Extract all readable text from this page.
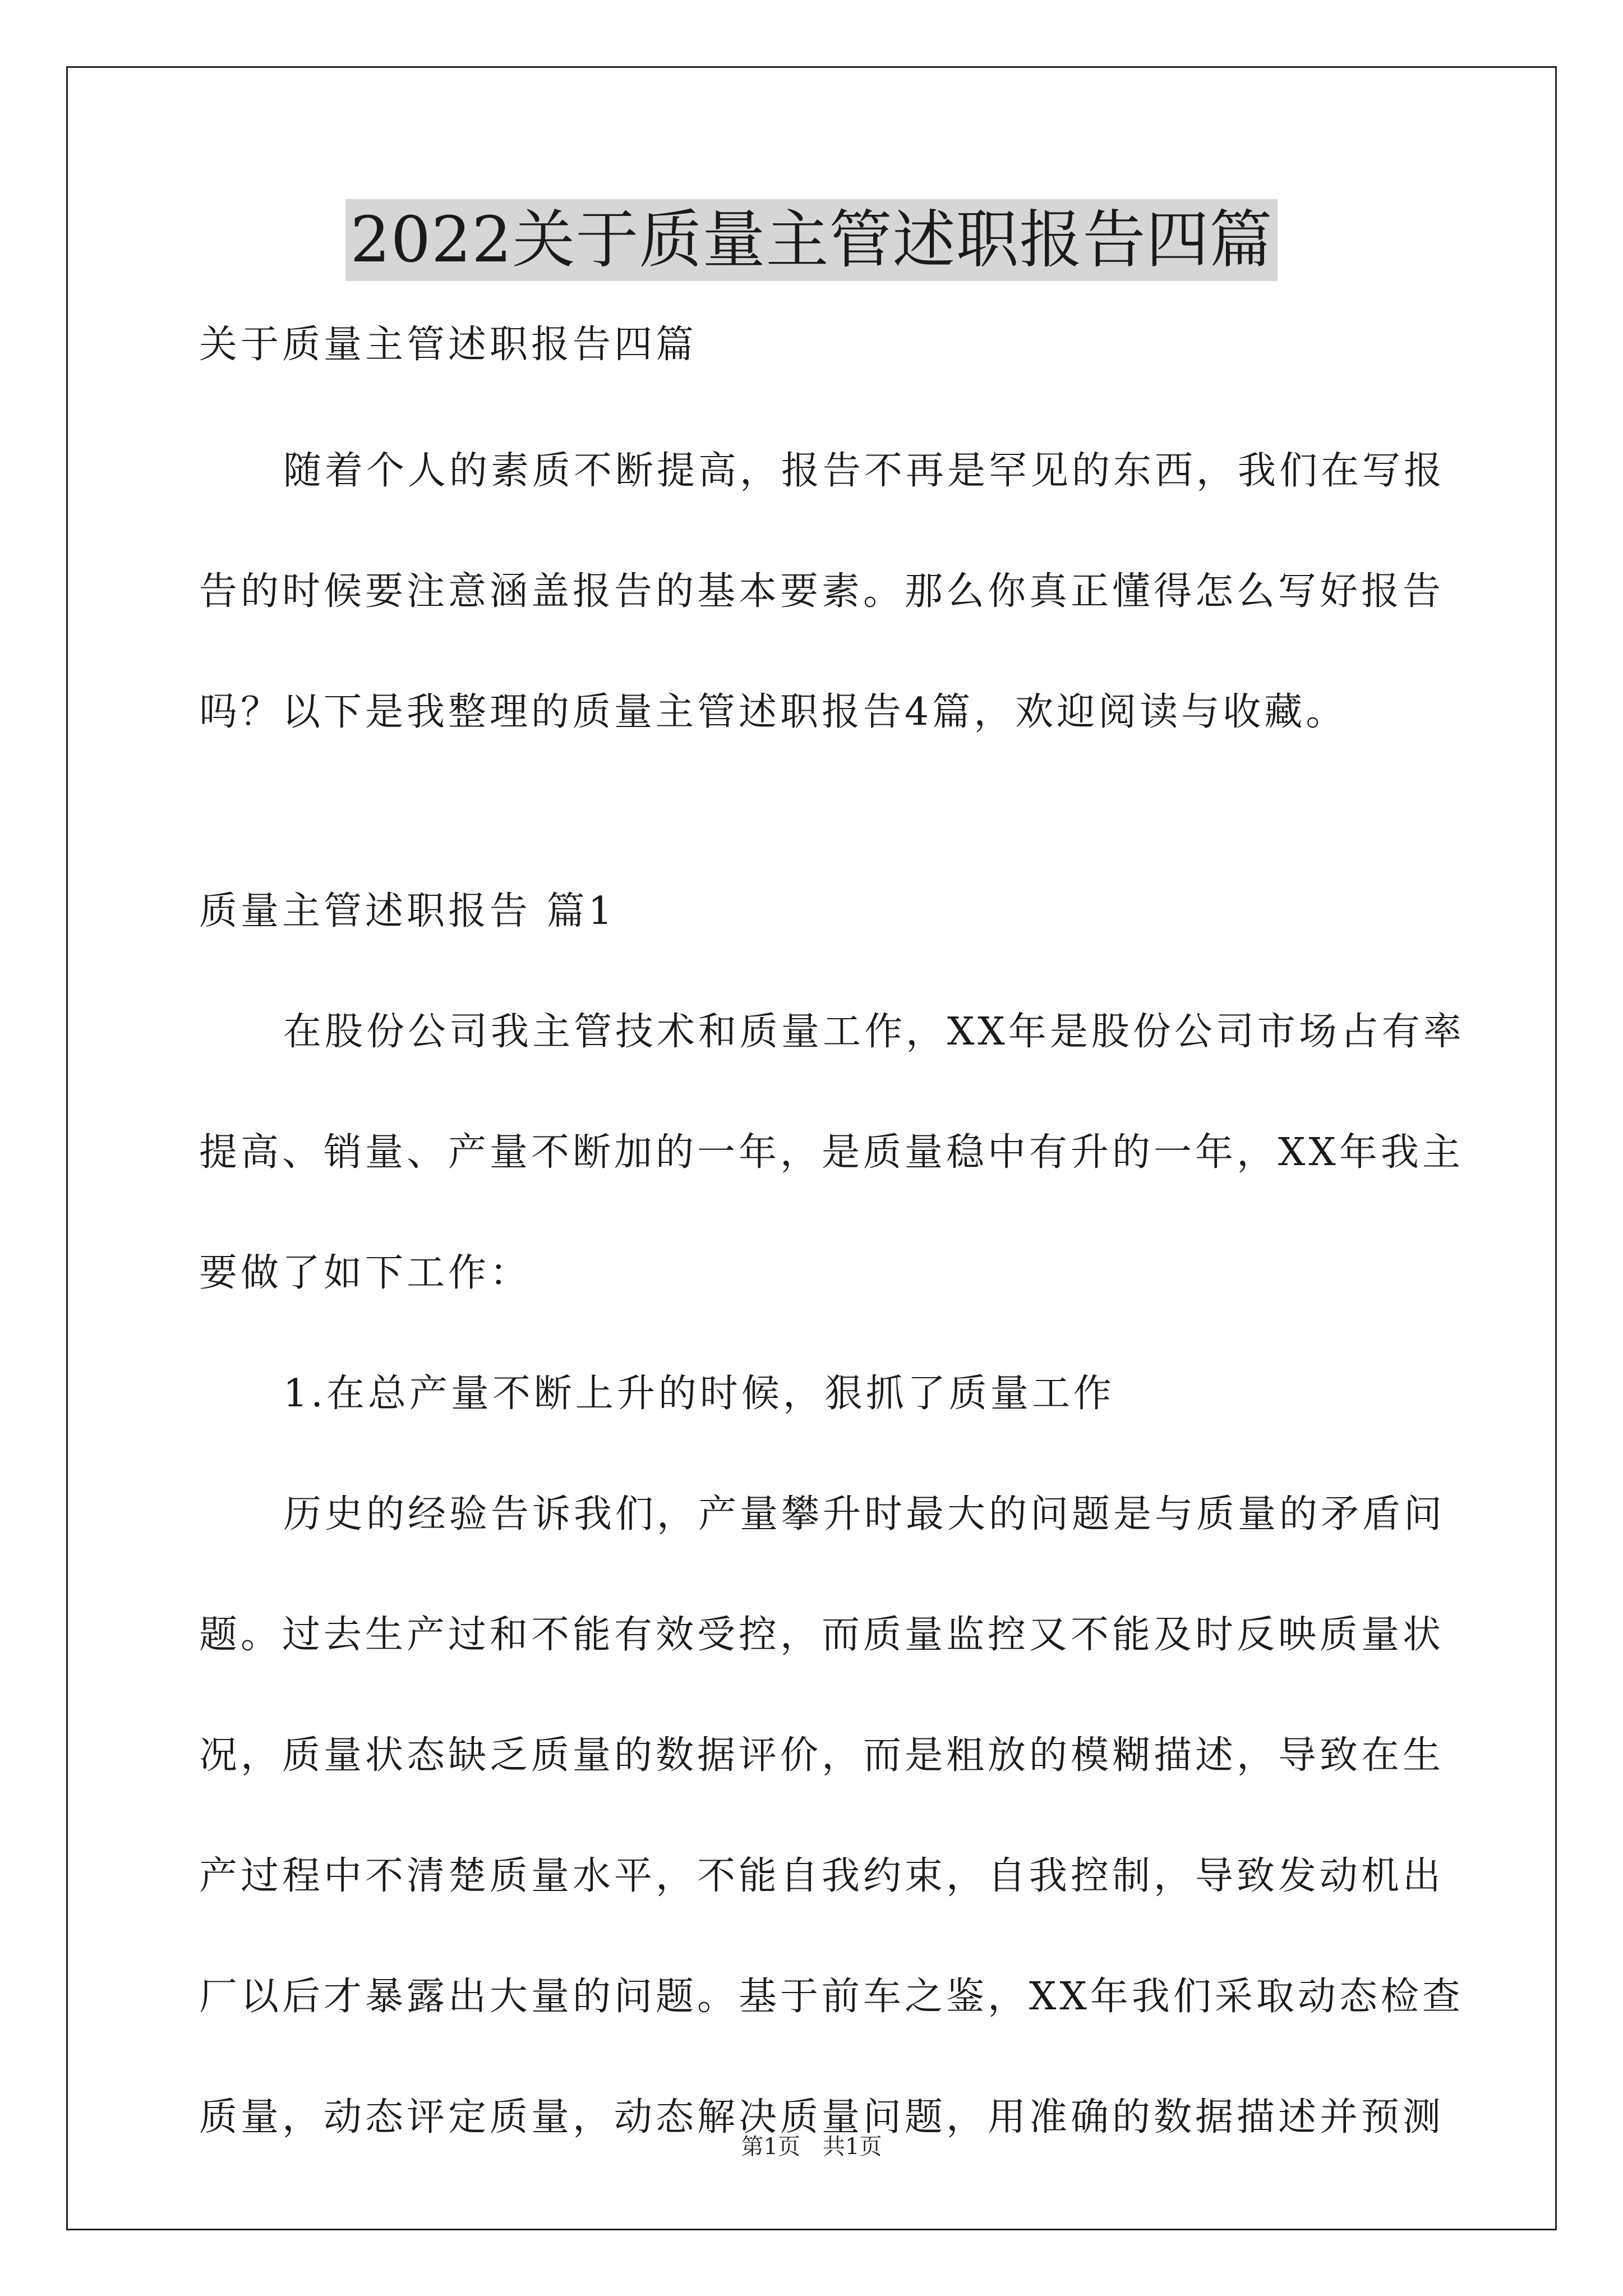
2022关于质量主管述职报告四篇

关于质量主管述职报告四篇

随着个人的素质不断提高，报告不再是罕见的东西，我们在写报

告的时候要注意涵盖报告的基本要素。那么你真正懂得怎么写好报告

吗？以下是我整理的质量主管述职报告4篇，欢迎阅读与收藏。

质量主管述职报告 篇1

在股份公司我主管技术和质量工作，XX年是股份公司市场占有率

提高、销量、产量不断加的一年，是质量稳中有升的一年，XX年我主

要做了如下工作：

1.在总产量不断上升的时候，狠抓了质量工作

历史的经验告诉我们，产量攀升时最大的问题是与质量的矛盾问

题。过去生产过和不能有效受控，而质量监控又不能及时反映质量状

况，质量状态缺乏质量的数据评价，而是粗放的模糊描述，导致在生

产过程中不清楚质量水平，不能自我约束，自我控制，导致发动机出

厂以后才暴露出大量的问题。基于前车之鉴，XX年我们采取动态检查

质量，动态评定质量，动态解决质量问题，用准确的数据描述并预测

第1页　共1页
